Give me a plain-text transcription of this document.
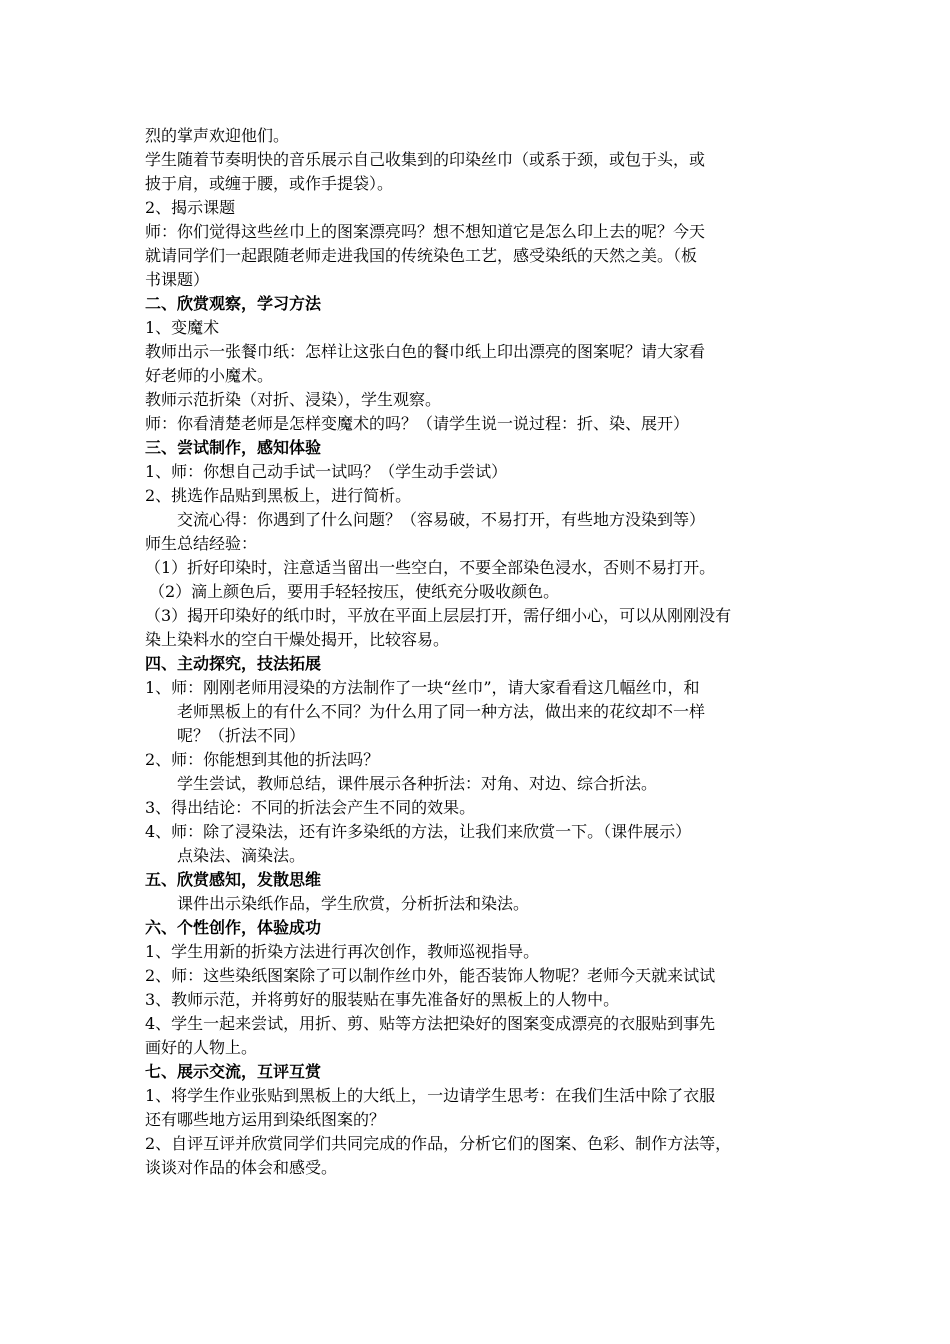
烈的掌声欢迎他们。
学生随着节奏明快的音乐展示自己收集到的印染丝巾（或系于颈，或包于头，或
披于肩，或缠于腰，或作手提袋）。
2、揭示课题
师：你们觉得这些丝巾上的图案漂亮吗？想不想知道它是怎么印上去的呢？今天
就请同学们一起跟随老师走进我国的传统染色工艺，感受染纸的天然之美。（板
书课题）
二、欣赏观察，学习方法
1、变魔术
教师出示一张餐巾纸：怎样让这张白色的餐巾纸上印出漂亮的图案呢？请大家看
好老师的小魔术。
教师示范折染（对折、浸染），学生观察。
师：你看清楚老师是怎样变魔术的吗？（请学生说一说过程：折、染、展开）
三、尝试制作，感知体验
1、师：你想自己动手试一试吗？（学生动手尝试）
2、挑选作品贴到黑板上，进行简析。
交流心得：你遇到了什么问题？（容易破，不易打开，有些地方没染到等）
师生总结经验：
（1）折好印染时，注意适当留出一些空白，不要全部染色浸水，否则不易打开。
（2）滴上颜色后，要用手轻轻按压，使纸充分吸收颜色。
（3）揭开印染好的纸巾时，平放在平面上层层打开，需仔细小心，可以从刚刚没有
染上染料水的空白干燥处揭开，比较容易。
四、主动探究，技法拓展
1、师：刚刚老师用浸染的方法制作了一块“丝巾”，请大家看看这几幅丝巾，和
老师黑板上的有什么不同？为什么用了同一种方法，做出来的花纹却不一样
呢？（折法不同）
2、师：你能想到其他的折法吗？
学生尝试，教师总结，课件展示各种折法：对角、对边、综合折法。
3、得出结论：不同的折法会产生不同的效果。
4、师：除了浸染法，还有许多染纸的方法，让我们来欣赏一下。（课件展示）
点染法、滴染法。
五、欣赏感知，发散思维
课件出示染纸作品，学生欣赏，分析折法和染法。
六、个性创作，体验成功
1、学生用新的折染方法进行再次创作，教师巡视指导。
2、师：这些染纸图案除了可以制作丝巾外，能否装饰人物呢？老师今天就来试试
3、教师示范，并将剪好的服装贴在事先准备好的黑板上的人物中。
4、学生一起来尝试，用折、剪、贴等方法把染好的图案变成漂亮的衣服贴到事先
画好的人物上。
七、展示交流，互评互赏
1、将学生作业张贴到黑板上的大纸上，一边请学生思考：在我们生活中除了衣服
还有哪些地方运用到染纸图案的？
2、自评互评并欣赏同学们共同完成的作品，分析它们的图案、色彩、制作方法等，
谈谈对作品的体会和感受。
